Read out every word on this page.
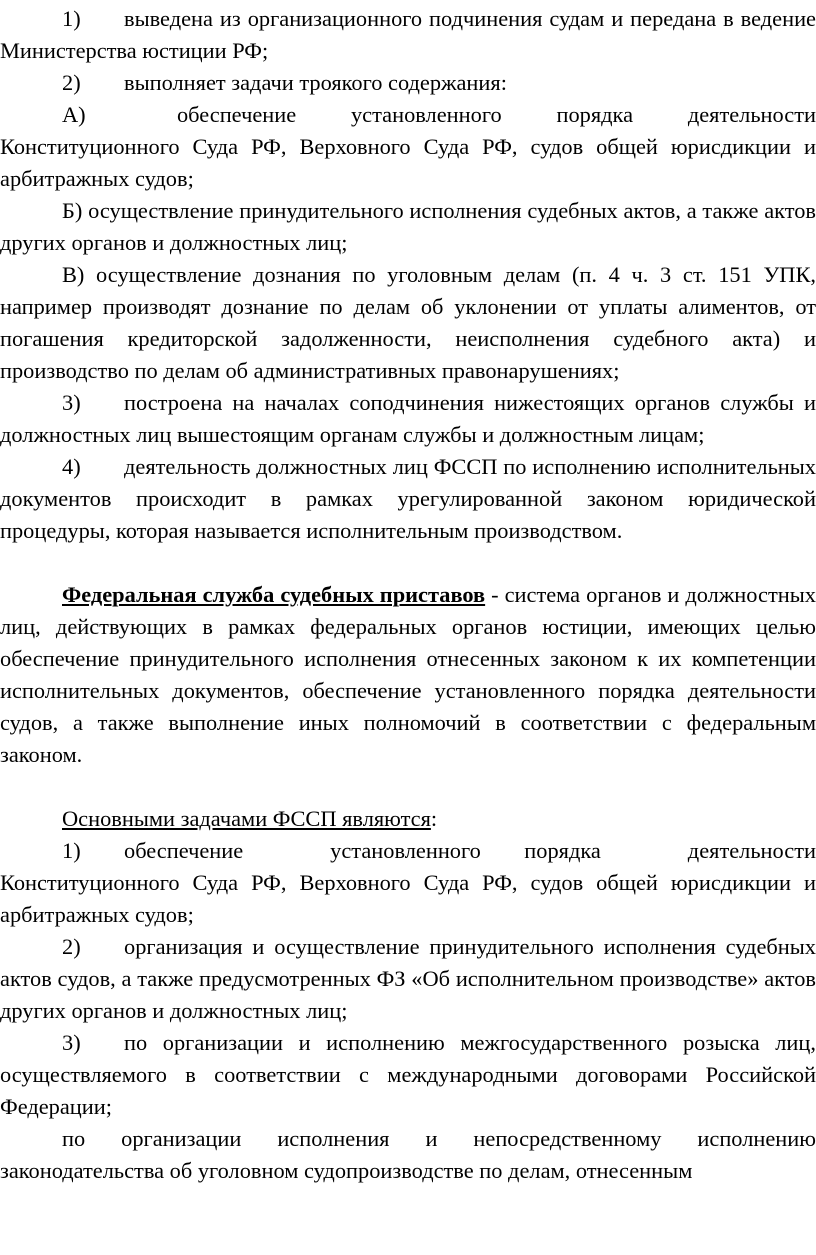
1) выведена из организационного подчинения судам и передана в ведение Министерства юстиции РФ;

2) выполняет задачи троякого содержания:

А)          обеспечение      установленного      порядка      деятельности Конституционного Суда РФ, Верховного Суда РФ, судов общей юрисдикции и арбитражных судов;

Б) осуществление принудительного исполнения судебных актов, а также актов других органов и должностных лиц;

В) осуществление дознания по уголовным делам (п. 4 ч. 3 ст. 151 УПК, например производят дознание по делам об уклонении от уплаты алиментов, от погашения кредиторской задолженности, неисполнения судебного акта) и производство по делам об административных правонарушениях;

3) построена на началах соподчинения нижестоящих органов службы и должностных лиц вышестоящим органам службы и должностным лицам;

4) деятельность должностных лиц ФССП по исполнению исполнительных документов происходит в рамках урегулированной законом юридической процедуры, которая называется исполнительным производством.

Федеральная служба судебных приставов - система органов и должностных лиц, действующих в рамках федеральных органов юстиции, имеющих целью обеспечение принудительного исполнения отнесенных законом к их компетенции исполнительных документов, обеспечение установленного порядка деятельности судов, а также выполнение иных полномочий в соответствии с федеральным законом.

Основными задачами ФССП являются:

1) обеспечение      установленного   порядка      деятельности Конституционного Суда РФ, Верховного Суда РФ, судов общей юрисдикции и арбитражных судов;

2) организация и осуществление принудительного исполнения судебных актов судов, а также предусмотренных ФЗ «Об исполнительном производстве» актов других органов и должностных лиц;

3) по организации и исполнению межгосударственного розыска лиц, осуществляемого в соответствии с международными договорами Российской Федерации;

по организации исполнения и непосредственному исполнению законодательства об уголовном судопроизводстве по делам, отнесенным
